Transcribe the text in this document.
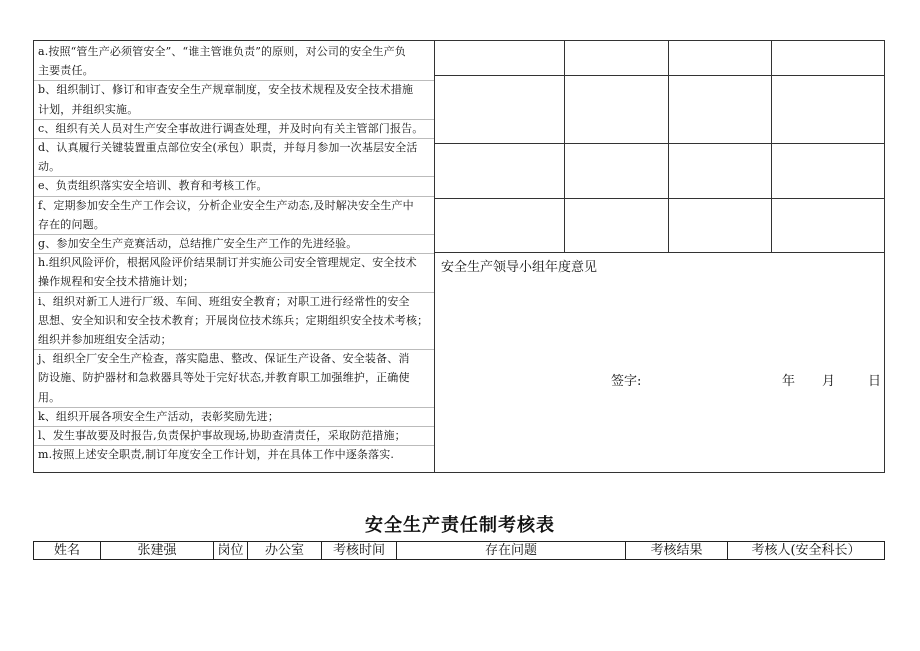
a.按照“管生产必须管安全”、“谁主管谁负责”的原则，对公司的安全生产负
主要责任。
b、组织制订、修订和审查安全生产规章制度，安全技术规程及安全技术措施
计划，并组织实施。
c、组织有关人员对生产安全事故进行调查处理，并及时向有关主管部门报告。
d、认真履行关键装置重点部位安全(承包）职责，并每月参加一次基层安全活
动。
e、负责组织落实安全培训、教育和考核工作。
f、定期参加安全生产工作会议，分析企业安全生产动态,及时解决安全生产中
存在的问题。
g、参加安全生产竞赛活动，总结推广安全生产工作的先进经验。
h.组织风险评价，根据风险评价结果制订并实施公司安全管理规定、安全技术
操作规程和安全技术措施计划；
i、组织对新工人进行厂级、车间、班组安全教育；对职工进行经常性的安全
思想、安全知识和安全技术教育；开展岗位技术练兵；定期组织安全技术考核；
组织并参加班组安全活动；
j、组织全厂安全生产检查，落实隐患、整改、保证生产设备、安全装备、消
防设施、防护器材和急救器具等处于完好状态,并教育职工加强维护，正确使
用。
k、组织开展各项安全生产活动，表彰奖励先进；
l、发生事故要及时报告,负责保护事故现场,协助查清责任，采取防范措施；
m.按照上述安全职责,制订年度安全工作计划，并在具体工作中逐条落实.
安全生产领导小组年度意见
签字:	年 月	日
安全生产责任制考核表
姓名	张建强	岗位	办公室	考核时间	存在问题	考核结果	考核人(安全科长）
